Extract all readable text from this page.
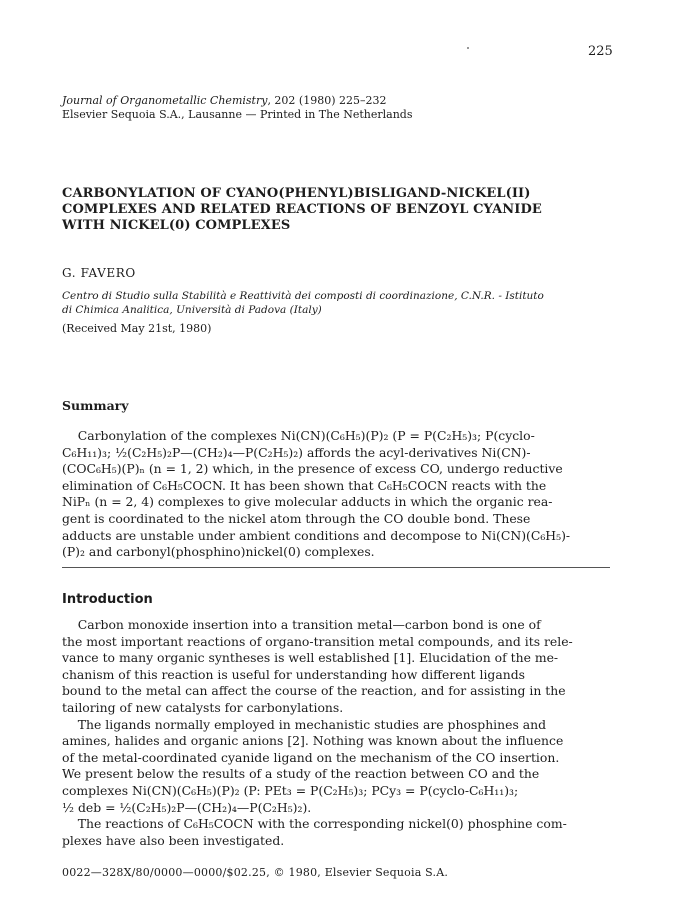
225
Journal of Organometallic Chemistry, 202 (1980) 225–232
Elsevier Sequoia S.A., Lausanne — Printed in The Netherlands
CARBONYLATION OF CYANO(PHENYL)BISLIGAND-NICKEL(II)
COMPLEXES AND RELATED REACTIONS OF BENZOYL CYANIDE
WITH NICKEL(0) COMPLEXES
G. FAVERO
Centro di Studio sulla Stabilità e Reattività dei composti di coordinazione, C.N.R. - Istituto
di Chimica Analitica, Università di Padova (Italy)
(Received May 21st, 1980)
Summary
Carbonylation of the complexes Ni(CN)(C₆H₅)(P)₂ (P = P(C₂H₅)₃; P(cyclo-
C₆H₁₁)₃; ½(C₂H₅)₂P—(CH₂)₄—P(C₂H₅)₂) affords the acyl-derivatives Ni(CN)-
(COC₆H₅)(P)ₙ (n = 1, 2) which, in the presence of excess CO, undergo reductive
elimination of C₆H₅COCN. It has been shown that C₆H₅COCN reacts with the
NiPₙ (n = 2, 4) complexes to give molecular adducts in which the organic rea-
gent is coordinated to the nickel atom through the CO double bond. These
adducts are unstable under ambient conditions and decompose to Ni(CN)(C₆H₅)-
(P)₂ and carbonyl(phosphino)nickel(0) complexes.
Introduction
Carbon monoxide insertion into a transition metal—carbon bond is one of
the most important reactions of organo-transition metal compounds, and its rele-
vance to many organic syntheses is well established [1]. Elucidation of the me-
chanism of this reaction is useful for understanding how different ligands
bound to the metal can affect the course of the reaction, and for assisting in the
tailoring of new catalysts for carbonylations.
The ligands normally employed in mechanistic studies are phosphines and
amines, halides and organic anions [2]. Nothing was known about the influence
of the metal-coordinated cyanide ligand on the mechanism of the CO insertion.
We present below the results of a study of the reaction between CO and the
complexes Ni(CN)(C₆H₅)(P)₂ (P: PEt₃ = P(C₂H₅)₃; PCy₃ = P(cyclo-C₆H₁₁)₃;
½ deb = ½(C₂H₅)₂P—(CH₂)₄—P(C₂H₅)₂).
The reactions of C₆H₅COCN with the corresponding nickel(0) phosphine com-
plexes have also been investigated.
0022—328X/80/0000—0000/$02.25, © 1980, Elsevier Sequoia S.A.
